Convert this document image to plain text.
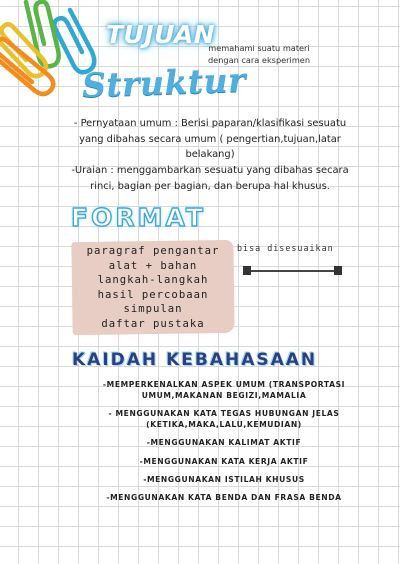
TUJUAN
memahami suatu materi dengan cara eksperimen
Struktur

- Pernyataan umum : Berisi paparan/klasifikasi sesuatu yang dibahas secara umum ( pengertian,tujuan,latar belakang)

-Uraian : menggambarkan sesuatu yang dibahas secara rinci, bagian per bagian, dan berupa hal khusus.

FORMAT
paragraf pengantar
alat + bahan
langkah-langkah
hasil percobaan
simpulan
daftar pustaka
bisa disesuaikan
KAIDAH KEBAHASAAN
-MEMPERKENALKAN ASPEK UMUM (TRANSPORTASI UMUM,MAKANAN BEGIZI,MAMALIA
- MENGGUNAKAN KATA TEGAS HUBUNGAN JELAS (KETIKA,MAKA,LALU,KEMUDIAN)
-MENGGUNAKAN KALIMAT AKTIF
-MENGGUNAKAN KATA KERJA AKTIF
-MENGGUNAKAN ISTILAH KHUSUS
-MENGGUNAKAN KATA BENDA DAN FRASA BENDA
